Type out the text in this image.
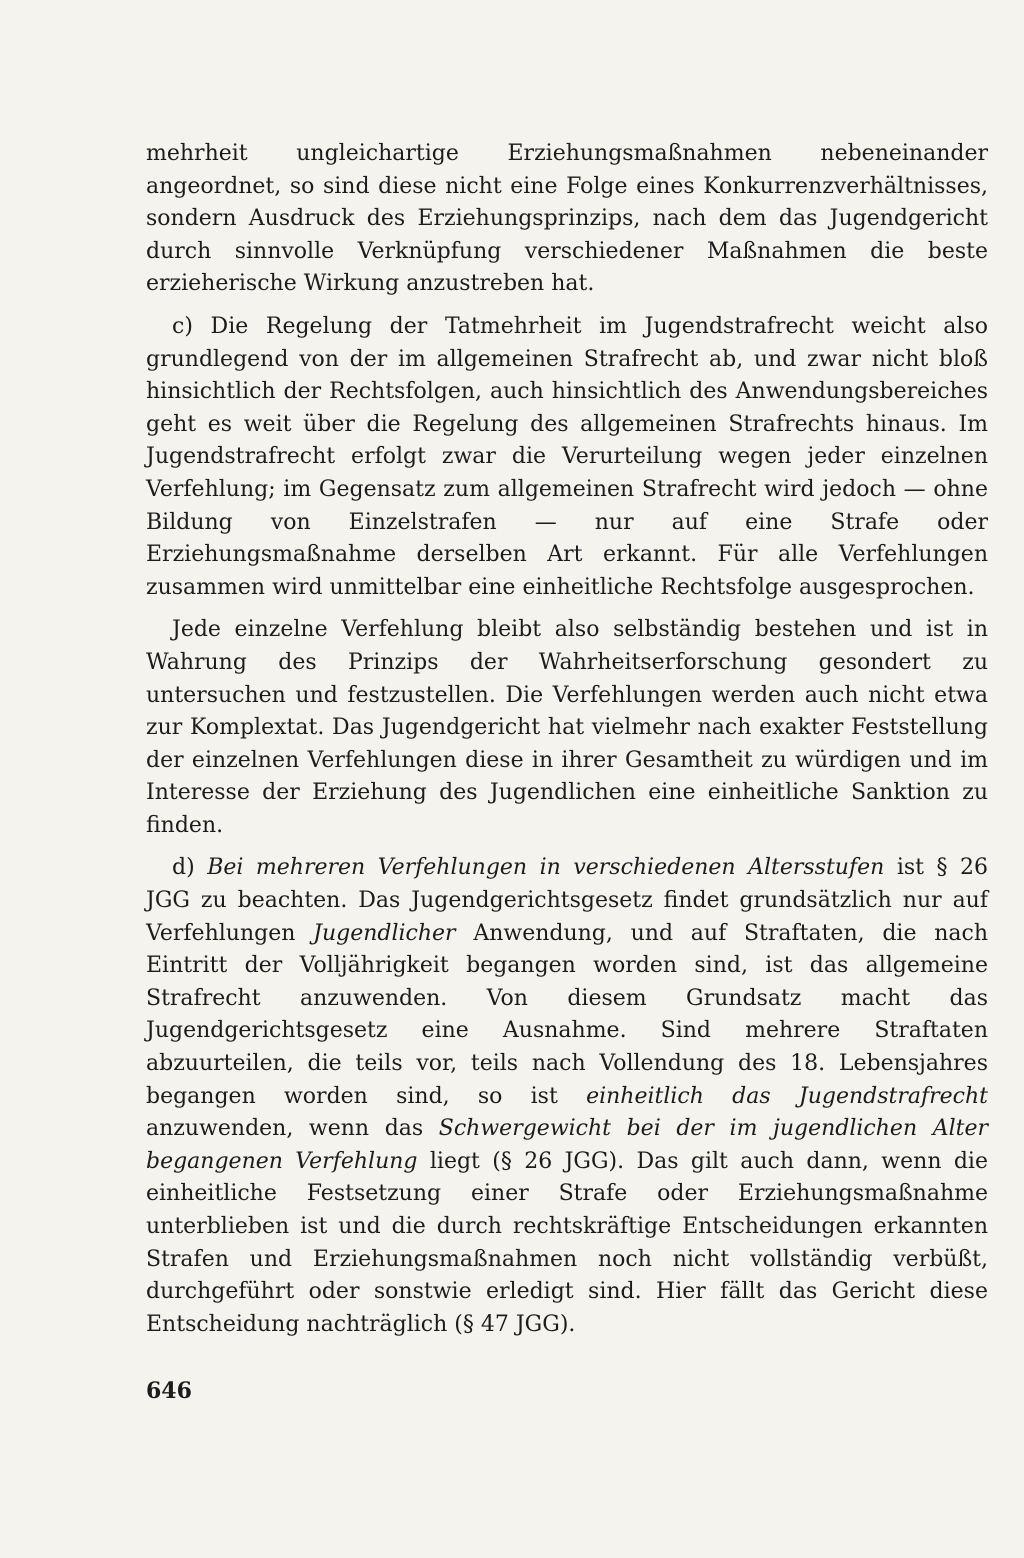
mehrheit ungleichartige Erziehungsmaßnahmen nebeneinander angeordnet, so sind diese nicht eine Folge eines Konkurrenzverhältnisses, sondern Ausdruck des Erziehungsprinzips, nach dem das Jugendgericht durch sinnvolle Verknüpfung verschiedener Maßnahmen die beste erzieherische Wirkung anzustreben hat.

c) Die Regelung der Tatmehrheit im Jugendstrafrecht weicht also grundlegend von der im allgemeinen Strafrecht ab, und zwar nicht bloß hinsichtlich der Rechtsfolgen, auch hinsichtlich des Anwendungsbereiches geht es weit über die Regelung des allgemeinen Strafrechts hinaus. Im Jugendstrafrecht erfolgt zwar die Verurteilung wegen jeder einzelnen Verfehlung; im Gegensatz zum allgemeinen Strafrecht wird jedoch — ohne Bildung von Einzelstrafen — nur auf eine Strafe oder Erziehungsmaßnahme derselben Art erkannt. Für alle Verfehlungen zusammen wird unmittelbar eine einheitliche Rechtsfolge ausgesprochen.

Jede einzelne Verfehlung bleibt also selbständig bestehen und ist in Wahrung des Prinzips der Wahrheitserforschung gesondert zu untersuchen und festzustellen. Die Verfehlungen werden auch nicht etwa zur Komplextat. Das Jugendgericht hat vielmehr nach exakter Feststellung der einzelnen Verfehlungen diese in ihrer Gesamtheit zu würdigen und im Interesse der Erziehung des Jugendlichen eine einheitliche Sanktion zu finden.

d) Bei mehreren Verfehlungen in verschiedenen Altersstufen ist § 26 JGG zu beachten. Das Jugendgerichtsgesetz findet grundsätzlich nur auf Verfehlungen Jugendlicher Anwendung, und auf Straftaten, die nach Eintritt der Volljährigkeit begangen worden sind, ist das allgemeine Strafrecht anzuwenden. Von diesem Grundsatz macht das Jugendgerichtsgesetz eine Ausnahme. Sind mehrere Straftaten abzuurteilen, die teils vor, teils nach Vollendung des 18. Lebensjahres begangen worden sind, so ist einheitlich das Jugendstrafrecht anzuwenden, wenn das Schwergewicht bei der im jugendlichen Alter begangenen Verfehlung liegt (§ 26 JGG). Das gilt auch dann, wenn die einheitliche Festsetzung einer Strafe oder Erziehungsmaßnahme unterblieben ist und die durch rechtskräftige Entscheidungen erkannten Strafen und Erziehungsmaßnahmen noch nicht vollständig verbüßt, durchgeführt oder sonstwie erledigt sind. Hier fällt das Gericht diese Entscheidung nachträglich (§ 47 JGG).

646
